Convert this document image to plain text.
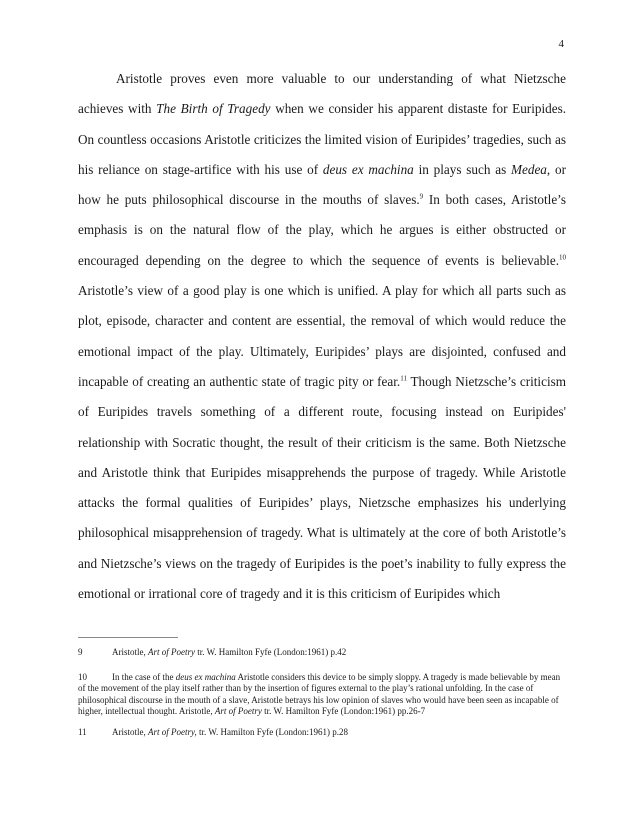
4

Aristotle proves even more valuable to our understanding of what Nietzsche achieves with The Birth of Tragedy when we consider his apparent distaste for Euripides. On countless occasions Aristotle criticizes the limited vision of Euripides’ tragedies, such as his reliance on stage-artifice with his use of deus ex machina in plays such as Medea, or how he puts philosophical discourse in the mouths of slaves.$^9$ In both cases, Aristotle’s emphasis is on the natural flow of the play, which he argues is either obstructed or encouraged depending on the degree to which the sequence of events is believable.$^{10}$ Aristotle’s view of a good play is one which is unified. A play for which all parts such as plot, episode, character and content are essential, the removal of which would reduce the emotional impact of the play. Ultimately, Euripides’ plays are disjointed, confused and incapable of creating an authentic state of tragic pity or fear.$^{11}$ Though Nietzsche’s criticism of Euripides travels something of a different route, focusing instead on Euripides' relationship with Socratic thought, the result of their criticism is the same. Both Nietzsche and Aristotle think that Euripides misapprehends the purpose of tragedy. While Aristotle attacks the formal qualities of Euripides’ plays, Nietzsche emphasizes his underlying philosophical misapprehension of tragedy. What is ultimately at the core of both Aristotle’s and Nietzsche’s views on the tragedy of Euripides is the poet’s inability to fully express the emotional or irrational core of tragedy and it is this criticism of Euripides which

9	Aristotle, Art of Poetry tr. W. Hamilton Fyfe (London:1961) p.42

10	In the case of the deus ex machina Aristotle considers this device to be simply sloppy. A tragedy is made believable by mean of the movement of the play itself rather than by the insertion of figures external to the play’s rational unfolding. In the case of philosophical discourse in the mouth of a slave, Aristotle betrays his low opinion of slaves who would have been seen as incapable of higher, intellectual thought. Aristotle, Art of Poetry tr. W. Hamilton Fyfe (London:1961) pp.26-7

11	Aristotle, Art of Poetry, tr. W. Hamilton Fyfe (London:1961) p.28
